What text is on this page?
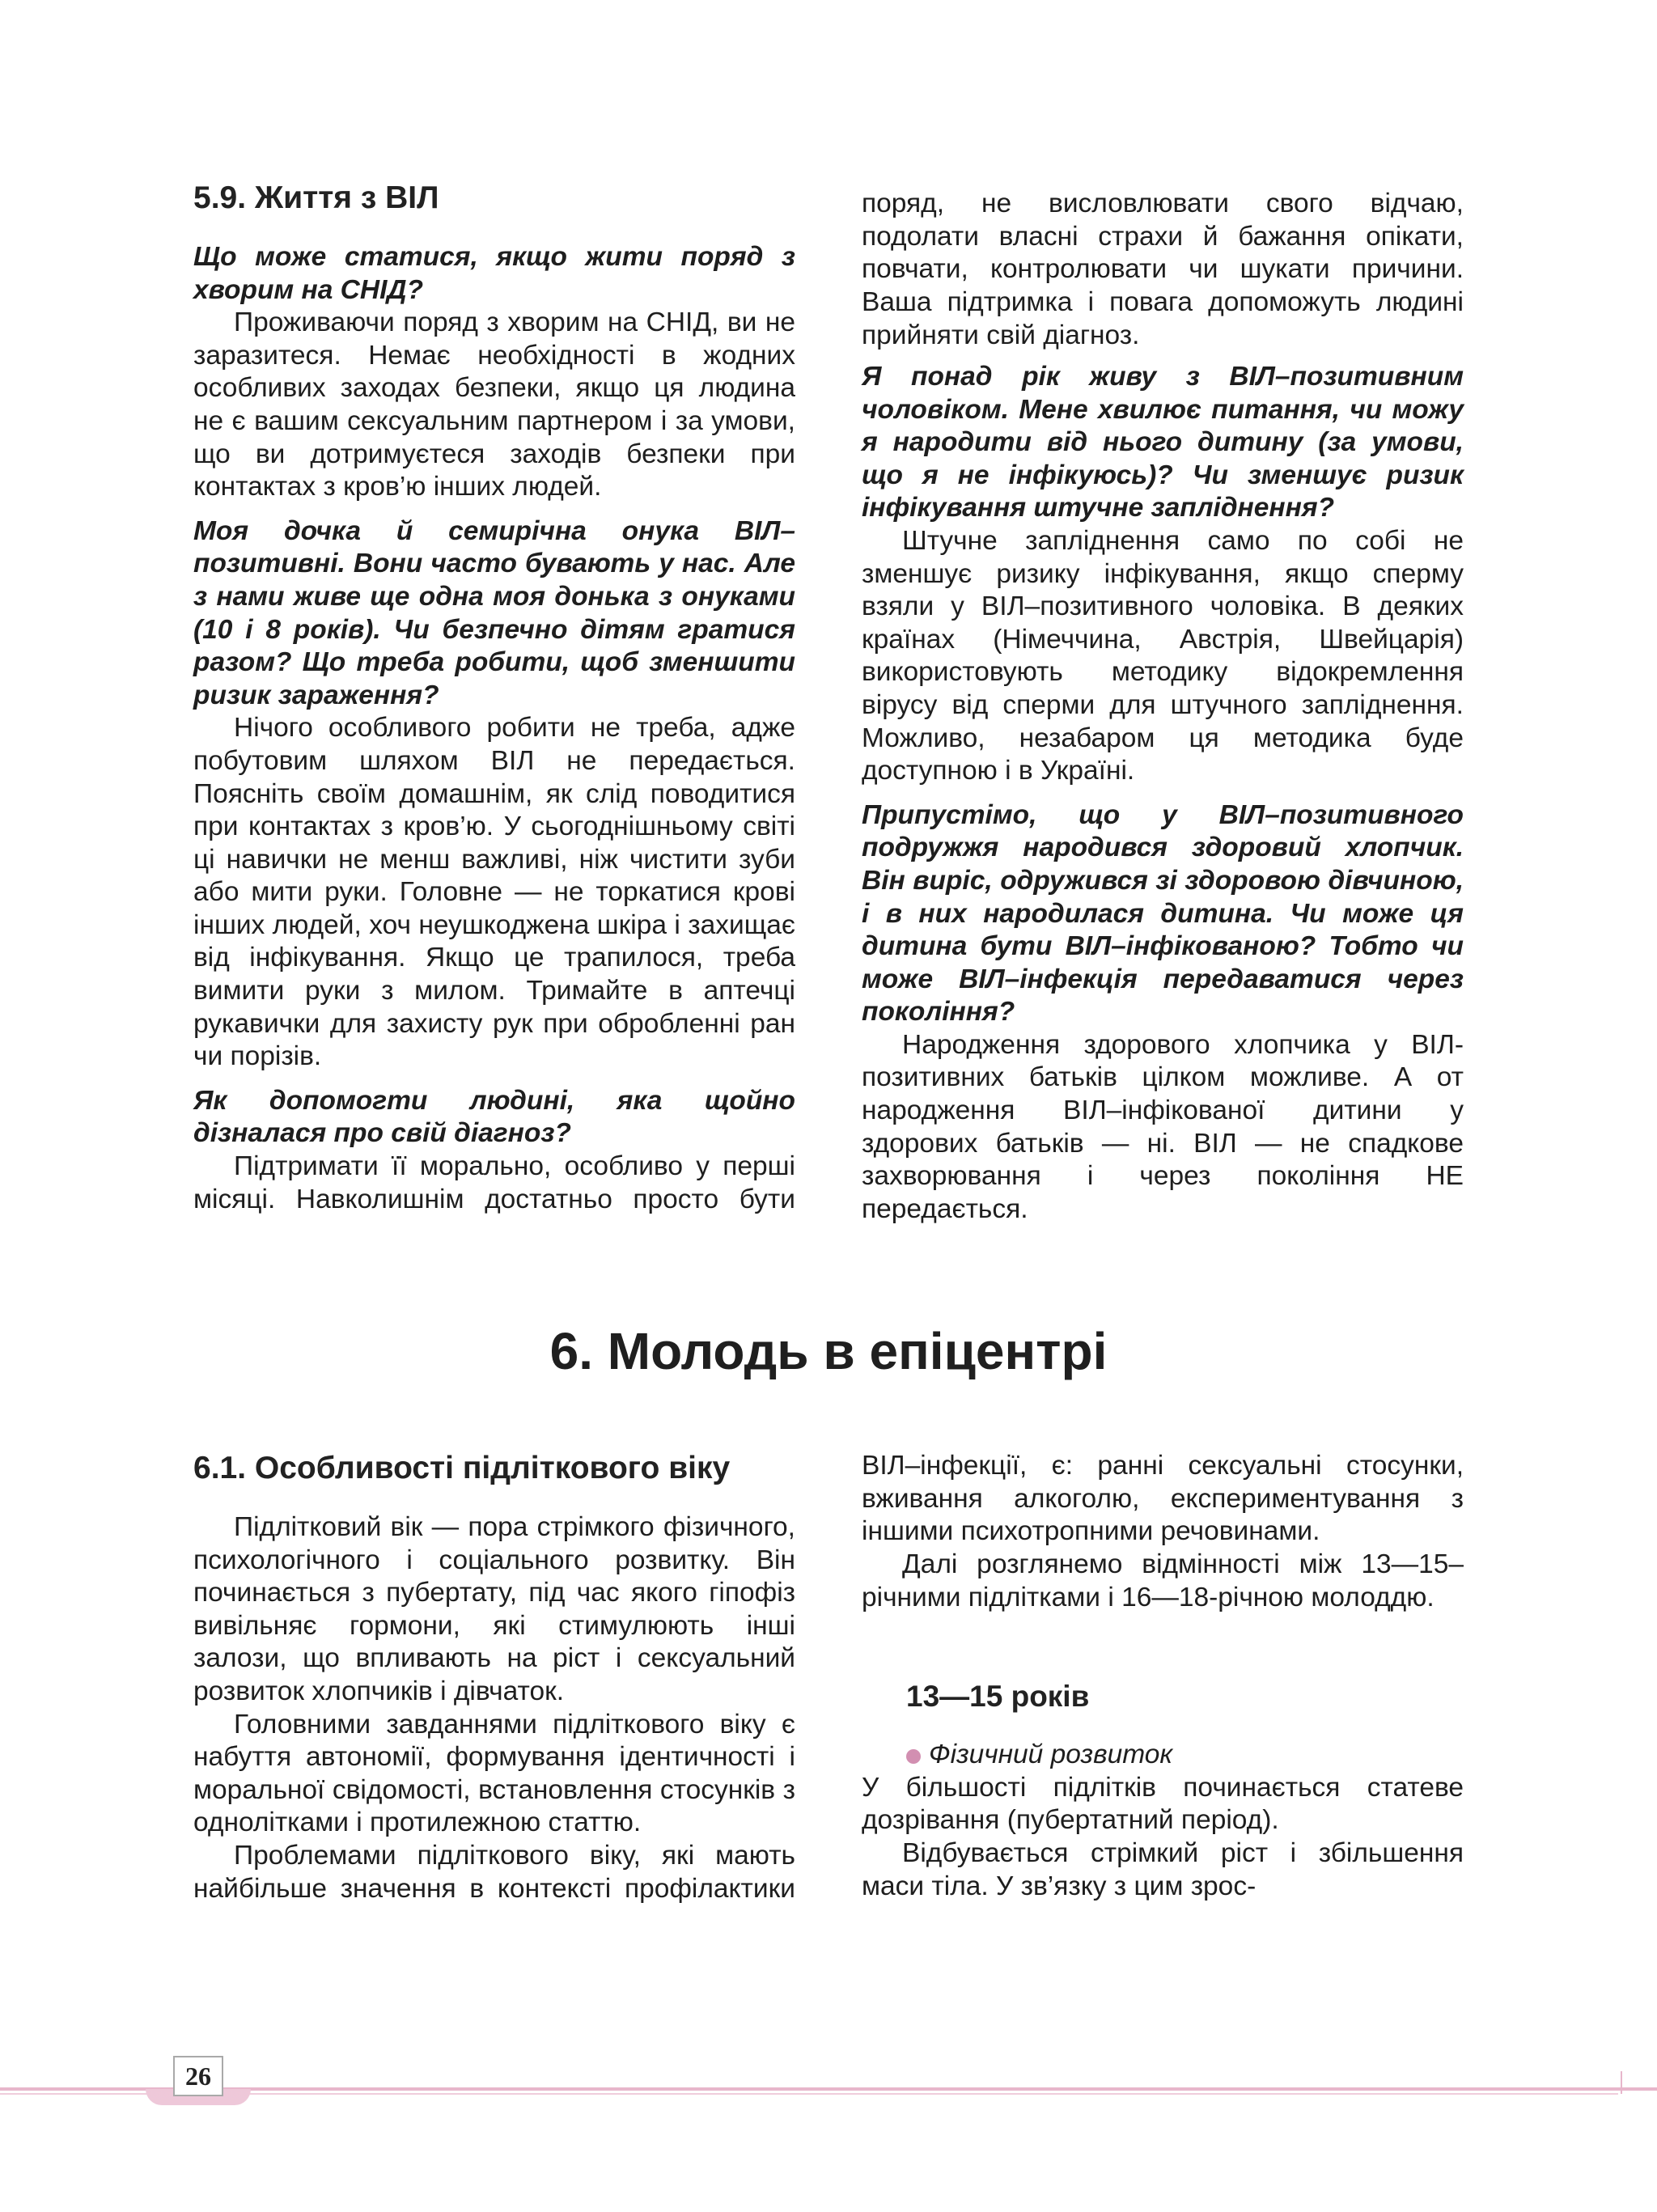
5.9. Життя з ВІЛ

Що може статися, якщо жити поряд з хворим на СНІД?

Проживаючи поряд з хворим на СНІД, ви не заразитеся. Немає необхідності в жодних особливих заходах безпеки, якщо ця людина не є вашим сексуальним партнером і за умови, що ви дотримуєтеся заходів безпеки при контактах з кров’ю інших людей.

Моя дочка й семирічна онука ВІЛ–позитивні. Вони часто бувають у нас. Але з нами живе ще одна моя донька з онуками (10 і 8 років). Чи безпечно дітям гратися разом? Що треба робити, щоб зменшити ризик зараження?

Нічого особливого робити не треба, адже побутовим шляхом ВІЛ не передається. Поясніть своїм домашнім, як слід поводитися при контактах з кров’ю. У сьогоднішньому світі ці навички не менш важливі, ніж чистити зуби або мити руки. Головне — не торкатися крові інших людей, хоч неушкоджена шкіра і захищає від інфікування. Якщо це трапилося, треба вимити руки з милом. Тримайте в аптечці рукавички для захисту рук при обробленні ран чи порізів.

Як допомогти людині, яка щойно дізналася про свій діагноз?

Підтримати її морально, особливо у перші місяці. Навколишнім достатньо просто бути

поряд, не висловлювати свого відчаю, подолати власні страхи й бажання опікати, повчати, контролювати чи шукати причини. Ваша підтримка і повага допоможуть людині прийняти свій діагноз.

Я понад рік живу з ВІЛ–позитивним чоловіком. Мене хвилює питання, чи можу я народити від нього дитину (за умови, що я не інфікуюсь)? Чи зменшує ризик інфікування штучне запліднення?

Штучне запліднення само по собі не зменшує ризику інфікування, якщо сперму взяли у ВІЛ–позитивного чоловіка. В деяких країнах (Німеччина, Австрія, Швейцарія) використовують методику відокремлення вірусу від сперми для штучного запліднення. Можливо, незабаром ця методика буде доступною і в Україні.

Припустімо, що у ВІЛ–позитивного подружжя народився здоровий хлопчик. Він виріс, одружився зі здоровою дівчиною, і в них народилася дитина. Чи може ця дитина бути ВІЛ–інфікованою? Тобто чи може ВІЛ–інфекція передаватися через покоління?

Народження здорового хлопчика у ВІЛ-позитивних батьків цілком можливе. А от народження ВІЛ–інфікованої дитини у здорових батьків — ні. ВІЛ — не спадкове захворювання і через покоління НЕ передається.

6. Молодь в епіцентрі
6.1. Особливості підліткового віку

Підлітковий вік — пора стрімкого фізичного, психологічного і соціального розвитку. Він починається з пубертату, під час якого гіпофіз вивільняє гормони, які стимулюють інші залози, що впливають на ріст і сексуальний розвиток хлопчиків і дівчаток.

Головними завданнями підліткового віку є набуття автономії, формування ідентичності і моральної свідомості, встановлення стосунків з однолітками і протилежною статтю.

Проблемами підліткового віку, які мають найбільше значення в контексті профілактики

ВІЛ–інфекції, є: ранні сексуальні стосунки, вживання алкоголю, експериментування з іншими психотропними речовинами.

Далі розглянемо відмінності між 13—15–річними підлітками і 16—18-річною молоддю.

13—15 років

Фізичний розвиток

У більшості підлітків починається статеве дозрівання (пубертатний період).

Відбувається стрімкий ріст і збільшення маси тіла. У зв’язку з цим зрос-

26
